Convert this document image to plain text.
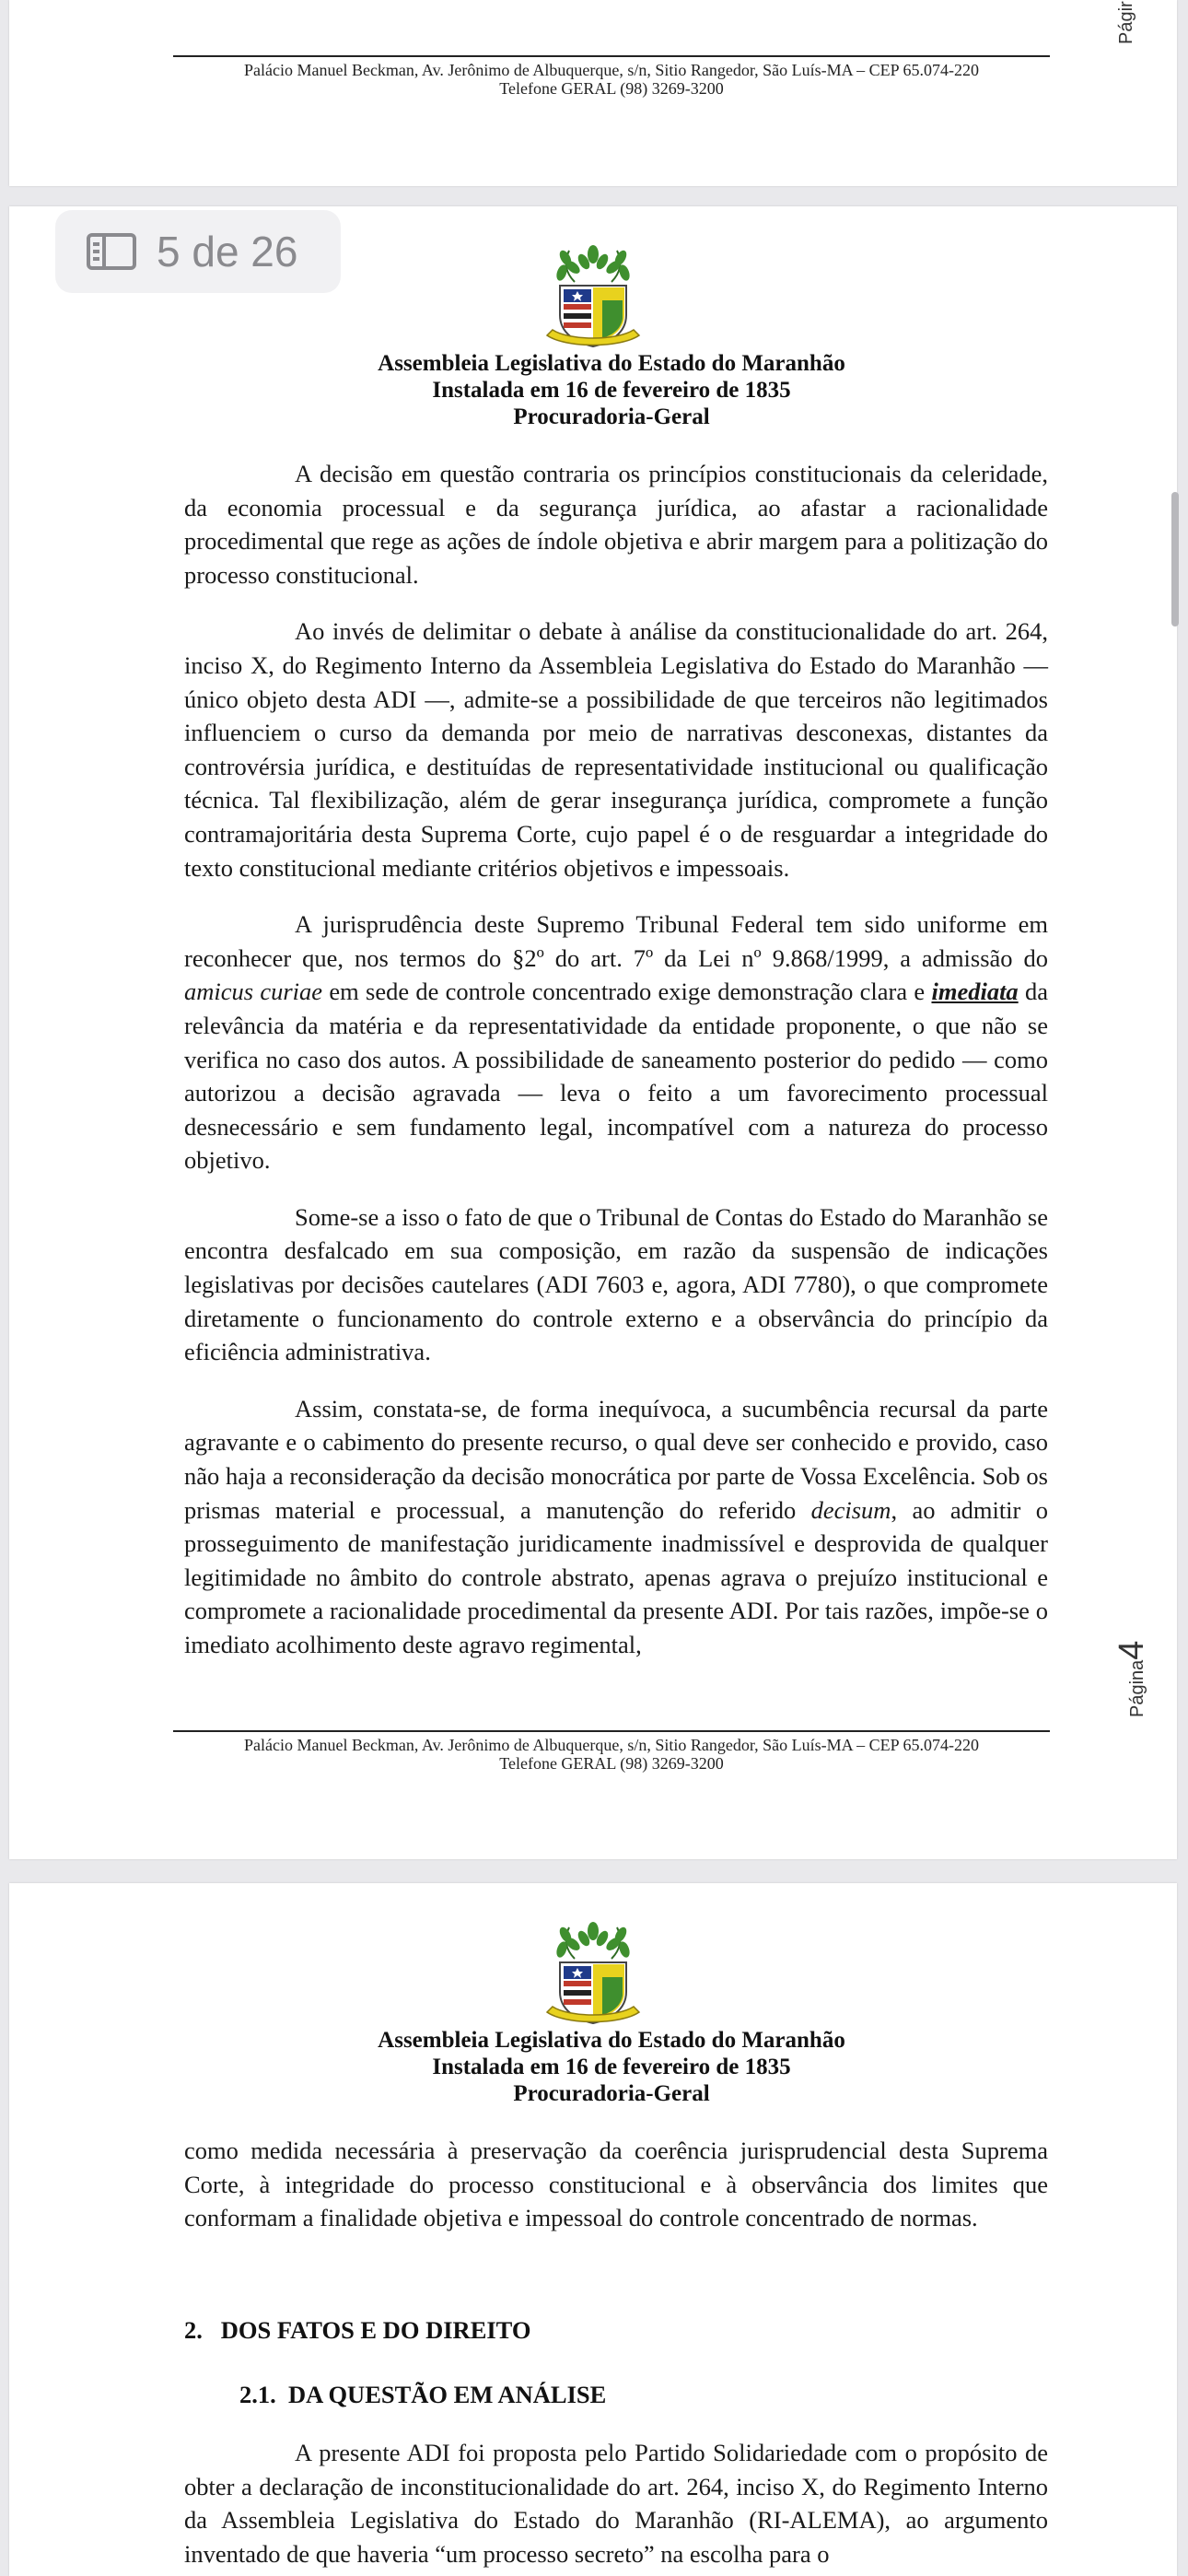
Palácio Manuel Beckman, Av. Jerônimo de Albuquerque, s/n, Sitio Rangedor, São Luís-MA – CEP 65.074-220
Telefone GERAL (98) 3269-3200
Págir
Assembleia Legislativa do Estado do Maranhão
Instalada em 16 de fevereiro de 1835
Procuradoria-Geral

A decisão em questão contraria os princípios constitucionais da celeridade, da economia processual e da segurança jurídica, ao afastar a racionalidade procedimental que rege as ações de índole objetiva e abrir margem para a politização do processo constitucional.

Ao invés de delimitar o debate à análise da constitucionalidade do art. 264, inciso X, do Regimento Interno da Assembleia Legislativa do Estado do Maranhão — único objeto desta ADI —, admite-se a possibilidade de que terceiros não legitimados influenciem o curso da demanda por meio de narrativas desconexas, distantes da controvérsia jurídica, e destituídas de representatividade institucional ou qualificação técnica. Tal flexibilização, além de gerar insegurança jurídica, compromete a função contramajoritária desta Suprema Corte, cujo papel é o de resguardar a integridade do texto constitucional mediante critérios objetivos e impessoais.

A jurisprudência deste Supremo Tribunal Federal tem sido uniforme em reconhecer que, nos termos do §2º do art. 7º da Lei nº 9.868/1999, a admissão do amicus curiae em sede de controle concentrado exige demonstração clara e imediata da relevância da matéria e da representatividade da entidade proponente, o que não se verifica no caso dos autos. A possibilidade de saneamento posterior do pedido — como autorizou a decisão agravada — leva o feito a um favorecimento processual desnecessário e sem fundamento legal, incompatível com a natureza do processo objetivo.

Some-se a isso o fato de que o Tribunal de Contas do Estado do Maranhão se encontra desfalcado em sua composição, em razão da suspensão de indicações legislativas por decisões cautelares (ADI 7603 e, agora, ADI 7780), o que compromete diretamente o funcionamento do controle externo e a observância do princípio da eficiência administrativa.

Assim, constata-se, de forma inequívoca, a sucumbência recursal da parte agravante e o cabimento do presente recurso, o qual deve ser conhecido e provido, caso não haja a reconsideração da decisão monocrática por parte de Vossa Excelência. Sob os prismas material e processual, a manutenção do referido decisum, ao admitir o prosseguimento de manifestação juridicamente inadmissível e desprovida de qualquer legitimidade no âmbito do controle abstrato, apenas agrava o prejuízo institucional e compromete a racionalidade procedimental da presente ADI. Por tais razões, impõe-se o imediato acolhimento deste agravo regimental,

Página4
Palácio Manuel Beckman, Av. Jerônimo de Albuquerque, s/n, Sitio Rangedor, São Luís-MA – CEP 65.074-220
Telefone GERAL (98) 3269-3200
Assembleia Legislativa do Estado do Maranhão
Instalada em 16 de fevereiro de 1835
Procuradoria-Geral

como medida necessária à preservação da coerência jurisprudencial desta Suprema Corte, à integridade do processo constitucional e à observância dos limites que conformam a finalidade objetiva e impessoal do controle concentrado de normas.

2. DOS FATOS E DO DIREITO
2.1. DA QUESTÃO EM ANÁLISE

A presente ADI foi proposta pelo Partido Solidariedade com o propósito de obter a declaração de inconstitucionalidade do art. 264, inciso X, do Regimento Interno da Assembleia Legislativa do Estado do Maranhão (RI-ALEMA), ao argumento inventado de que haveria “um processo secreto” na escolha para o

5 de 26
